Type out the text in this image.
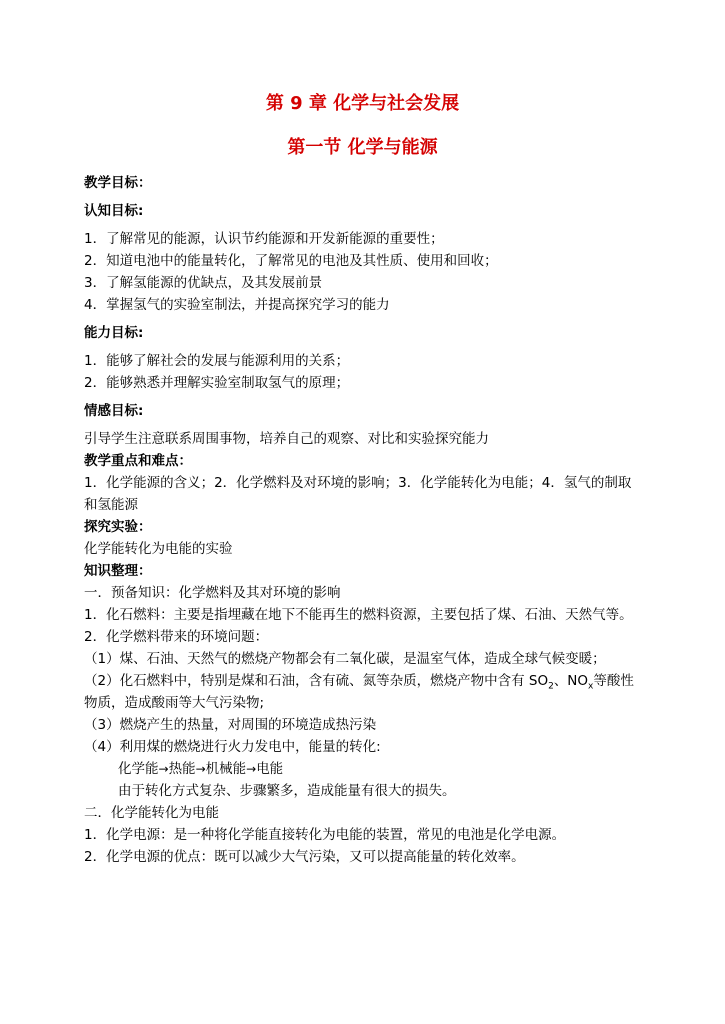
第 9 章 化学与社会发展
第一节 化学与能源

教学目标：

认知目标:

1．了解常见的能源，认识节约能源和开发新能源的重要性；

2．知道电池中的能量转化，了解常见的电池及其性质、使用和回收；

3．了解氢能源的优缺点，及其发展前景

4．掌握氢气的实验室制法，并提高探究学习的能力

能力目标:

1．能够了解社会的发展与能源利用的关系；

2．能够熟悉并理解实验室制取氢气的原理；

情感目标:

引导学生注意联系周围事物，培养自己的观察、对比和实验探究能力

教学重点和难点：

1．化学能源的含义；2．化学燃料及对环境的影响；3．化学能转化为电能；4．氢气的制取和氢能源

探究实验：

化学能转化为电能的实验

知识整理：

一．预备知识：化学燃料及其对环境的影响

1．化石燃料：主要是指埋藏在地下不能再生的燃料资源，主要包括了煤、石油、天然气等。

2．化学燃料带来的环境问题：

（1）煤、石油、天然气的燃烧产物都会有二氧化碳，是温室气体，造成全球气候变暖；

（2）化石燃料中，特别是煤和石油，含有硫、氮等杂质，燃烧产物中含有 $SO_2$、$NO_x$等酸性物质，造成酸雨等大气污染物;

（3）燃烧产生的热量，对周围的环境造成热污染

（4）利用煤的燃烧进行火力发电中，能量的转化:

化学能→热能→机械能→电能

由于转化方式复杂、步骤繁多，造成能量有很大的损失。

二．化学能转化为电能

1．化学电源：是一种将化学能直接转化为电能的装置，常见的电池是化学电源。

2．化学电源的优点：既可以减少大气污染，又可以提高能量的转化效率。
